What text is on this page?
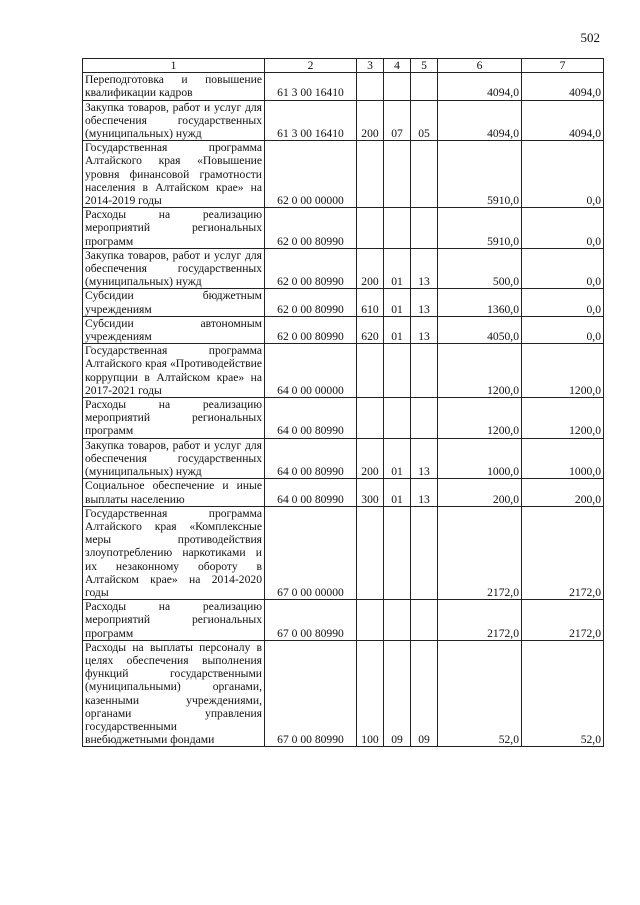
502
1	2	3	4	5	6	7
Переподготовка и повышение квалификации кадров	61 3 00 16410				4094,0	4094,0
Закупка товаров, работ и услуг для обеспечения государственных (муниципальных) нужд	61 3 00 16410	200	07	05	4094,0	4094,0
Государственная программа Алтайского края «Повышение уровня финансовой грамотности населения в Алтайском крае» на 2014-2019 годы	62 0 00 00000				5910,0	0,0
Расходы на реализацию мероприятий региональных программ	62 0 00 80990				5910,0	0,0
Закупка товаров, работ и услуг для обеспечения государственных (муниципальных) нужд	62 0 00 80990	200	01	13	500,0	0,0
Субсидии бюджетным учреждениям	62 0 00 80990	610	01	13	1360,0	0,0
Субсидии автономным учреждениям	62 0 00 80990	620	01	13	4050,0	0,0
Государственная программа Алтайского края «Противодействие коррупции в Алтайском крае» на 2017-2021 годы	64 0 00 00000				1200,0	1200,0
Расходы на реализацию мероприятий региональных программ	64 0 00 80990				1200,0	1200,0
Закупка товаров, работ и услуг для обеспечения государственных (муниципальных) нужд	64 0 00 80990	200	01	13	1000,0	1000,0
Социальное обеспечение и иные выплаты населению	64 0 00 80990	300	01	13	200,0	200,0
Государственная программа Алтайского края «Комплексные меры противодействия злоупотреблению наркотиками и их незаконному обороту в Алтайском крае» на 2014-2020 годы	67 0 00 00000				2172,0	2172,0
Расходы на реализацию мероприятий региональных программ	67 0 00 80990				2172,0	2172,0
Расходы на выплаты персоналу в целях обеспечения выполнения функций государственными (муниципальными) органами, казенными учреждениями, органами управления государственными внебюджетными фондами	67 0 00 80990	100	09	09	52,0	52,0
